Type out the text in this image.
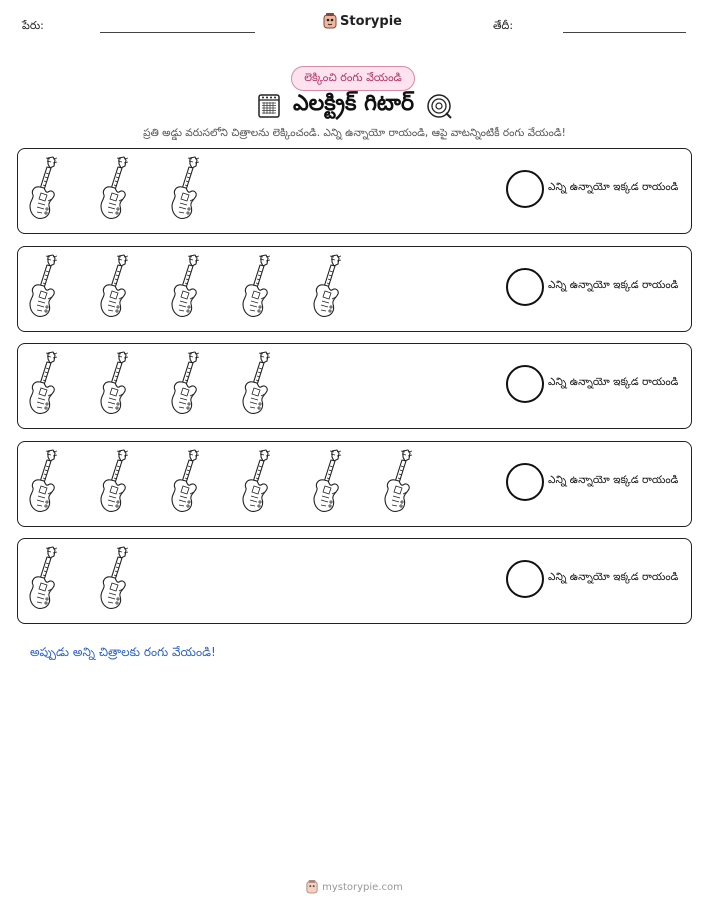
పేరు:	Storypie	తేదీ:
లెక్కించి రంగు వేయండి
ఎలక్ట్రిక్ గిటార్
ప్రతి అడ్డు వరుసలోని చిత్రాలను లెక్కించండి. ఎన్ని ఉన్నాయో రాయండి, ఆపై వాటన్నింటికీ రంగు వేయండి!
ఎన్ని ఉన్నాయో ఇక్కడ రాయండి
ఎన్ని ఉన్నాయో ఇక్కడ రాయండి
ఎన్ని ఉన్నాయో ఇక్కడ రాయండి
ఎన్ని ఉన్నాయో ఇక్కడ రాయండి
ఎన్ని ఉన్నాయో ఇక్కడ రాయండి
అప్పుడు అన్ని చిత్రాలకు రంగు వేయండి!
mystorypie.com
